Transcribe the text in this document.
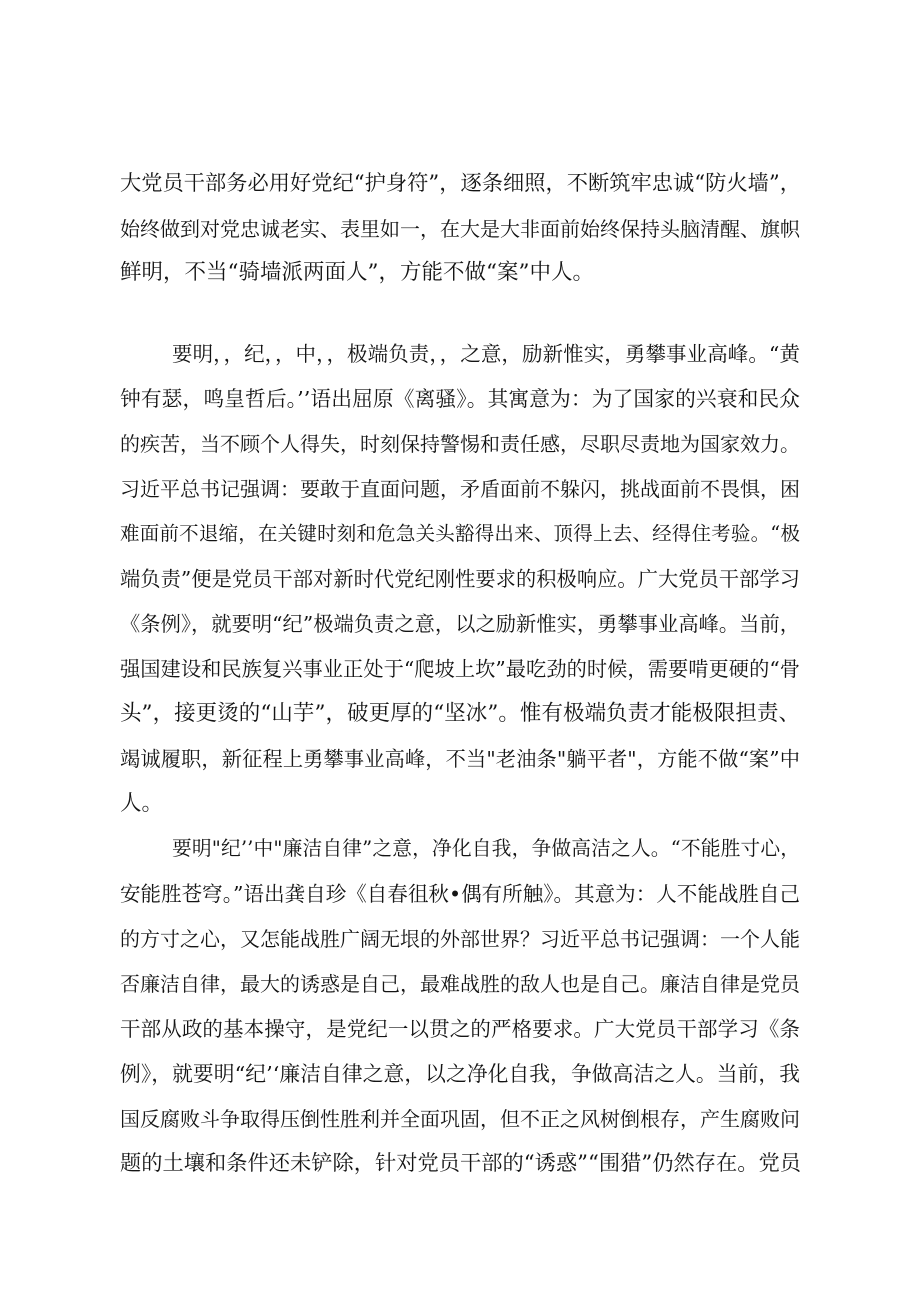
大党员干部务必用好党纪“护身符”，逐条细照，不断筑牢忠诚“防火墙”，
始终做到对党忠诚老实、表里如一，在大是大非面前始终保持头脑清醒、旗帜
鲜明，不当“骑墙派两面人”，方能不做“案”中人。
要明，，纪，，中，，极端负责，，之意，励新惟实，勇攀事业高峰。“黄
钟有瑟，鸣皇哲后。’’语出屈原《离骚》。其寓意为：为了国家的兴衰和民众
的疾苦，当不顾个人得失，时刻保持警惕和责任感，尽职尽责地为国家效力。
习近平总书记强调：要敢于直面问题，矛盾面前不躲闪，挑战面前不畏惧，困
难面前不退缩，在关键时刻和危急关头豁得出来、顶得上去、经得住考验。“极
端负责”便是党员干部对新时代党纪刚性要求的积极响应。广大党员干部学习
《条例》，就要明“纪”极端负责之意，以之励新惟实，勇攀事业高峰。当前，
强国建设和民族复兴事业正处于“爬坡上坎”最吃劲的时候，需要啃更硬的“骨
头”，接更烫的“山芋”，破更厚的“坚冰”。惟有极端负责才能极限担责、
竭诚履职，新征程上勇攀事业高峰，不当"老油条"躺平者"，方能不做“案”中
人。
要明"纪’’中"廉洁自律”之意，净化自我，争做高洁之人。“不能胜寸心，
安能胜苍穹。”语出龚自珍《自春徂秋•偶有所触》。其意为：人不能战胜自己
的方寸之心，又怎能战胜广阔无垠的外部世界？习近平总书记强调：一个人能
否廉洁自律，最大的诱惑是自己，最难战胜的敌人也是自己。廉洁自律是党员
干部从政的基本操守，是党纪一以贯之的严格要求。广大党员干部学习《条
例》，就要明“纪’‘廉洁自律之意，以之净化自我，争做高洁之人。当前，我
国反腐败斗争取得压倒性胜利并全面巩固，但不正之风树倒根存，产生腐败问
题的土壤和条件还未铲除，针对党员干部的“诱惑”“围猎”仍然存在。党员
